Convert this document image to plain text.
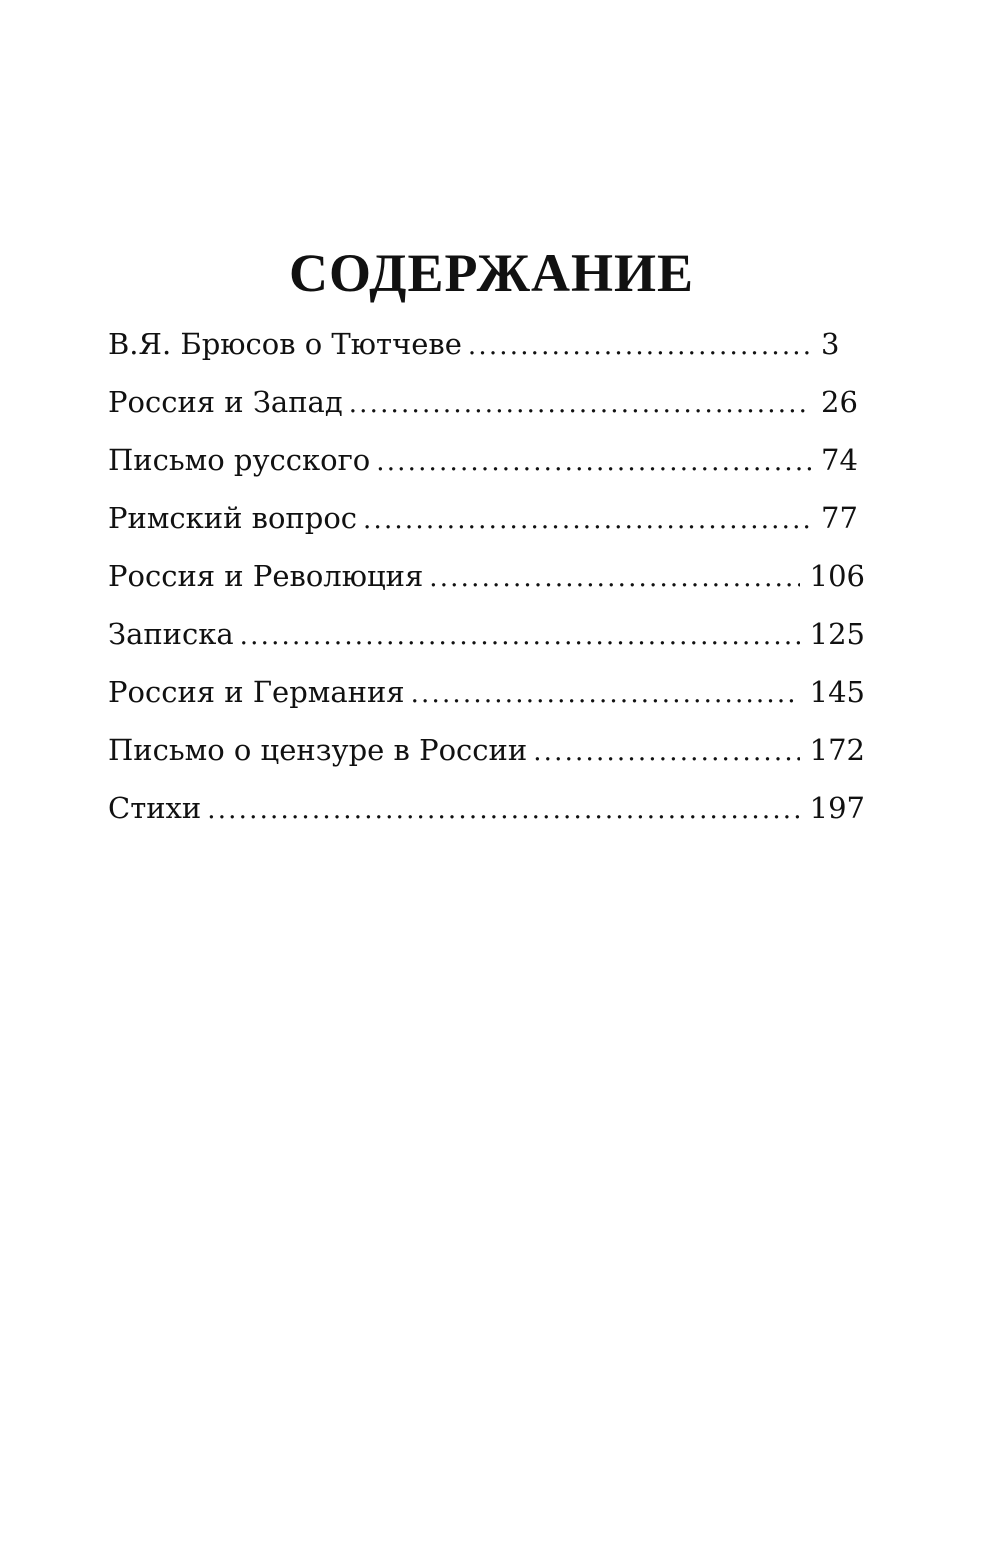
СОДЕРЖАНИЕ
В.Я. Брюсов о Тютчеве .....	3
Россия и Запад .....	26
Письмо русского .....	74
Римский вопрос .....	77
Россия и Революция .....	106
Записка .....	125
Россия и Германия .....	145
Письмо о цензуре в России .....	172
Стихи .....	197
